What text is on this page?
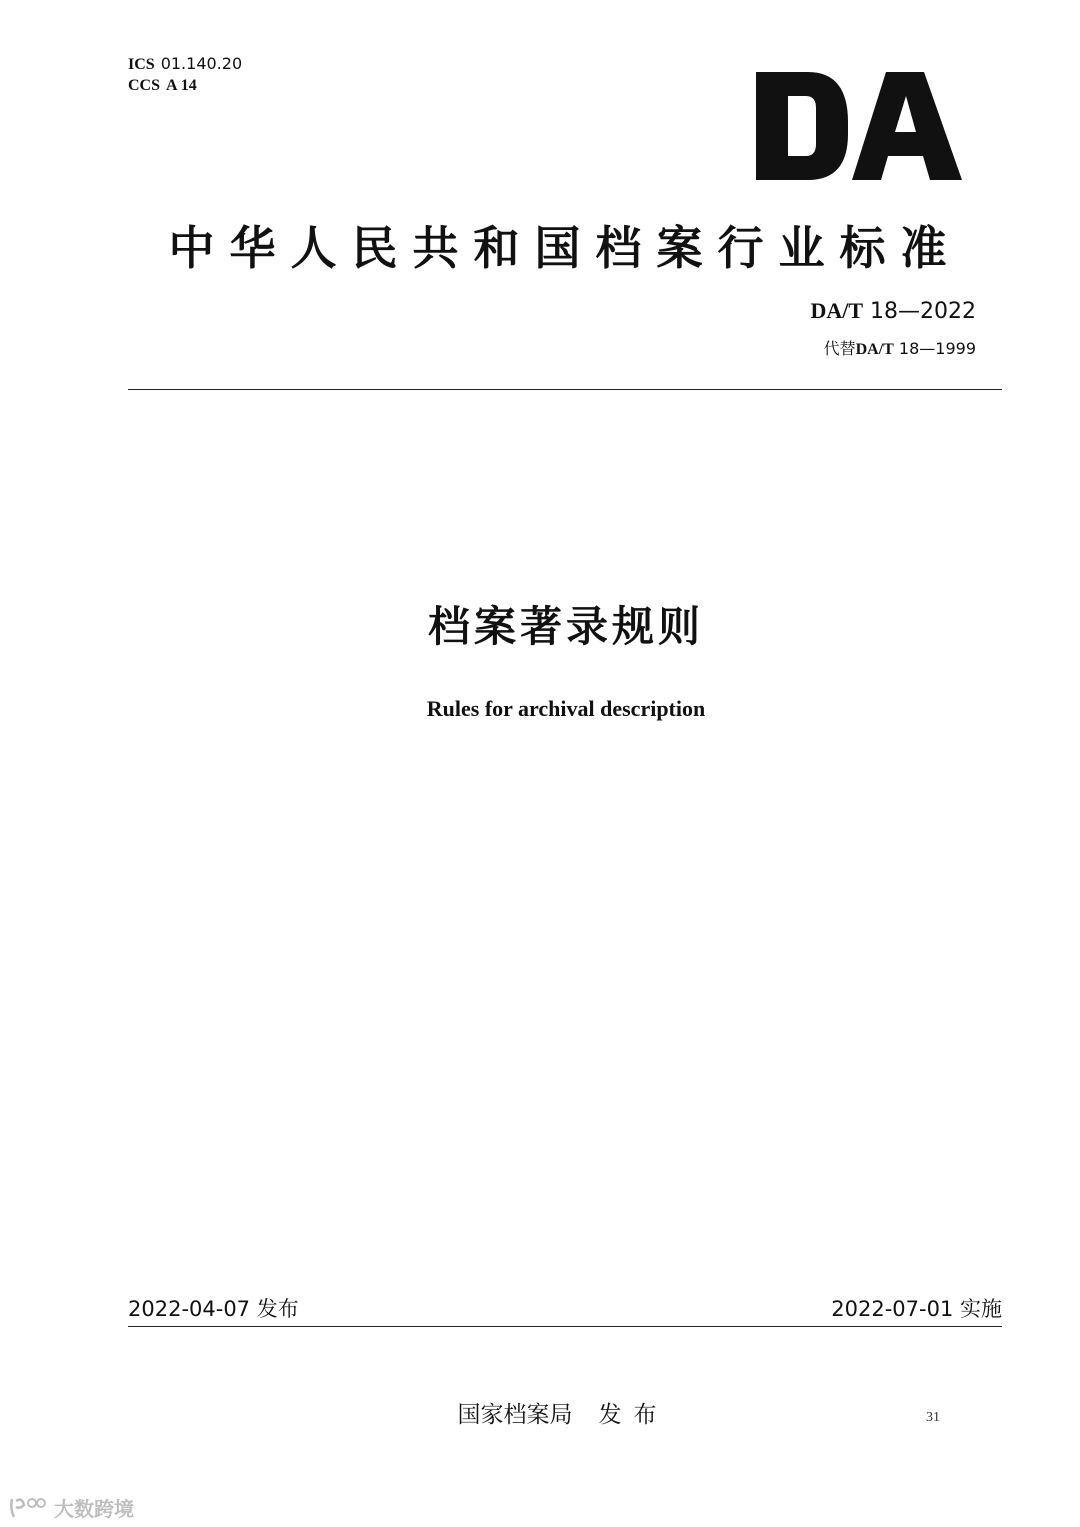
ICS 01.140.20
CCS A 14
DA
中华人民共和国档案行业标准
DA/T 18—2022
代替DA/T 18—1999
档案著录规则
Rules for archival description
2022-04-07 发布	2022-07-01 实施
国家档案局 发布	31
大数跨境
